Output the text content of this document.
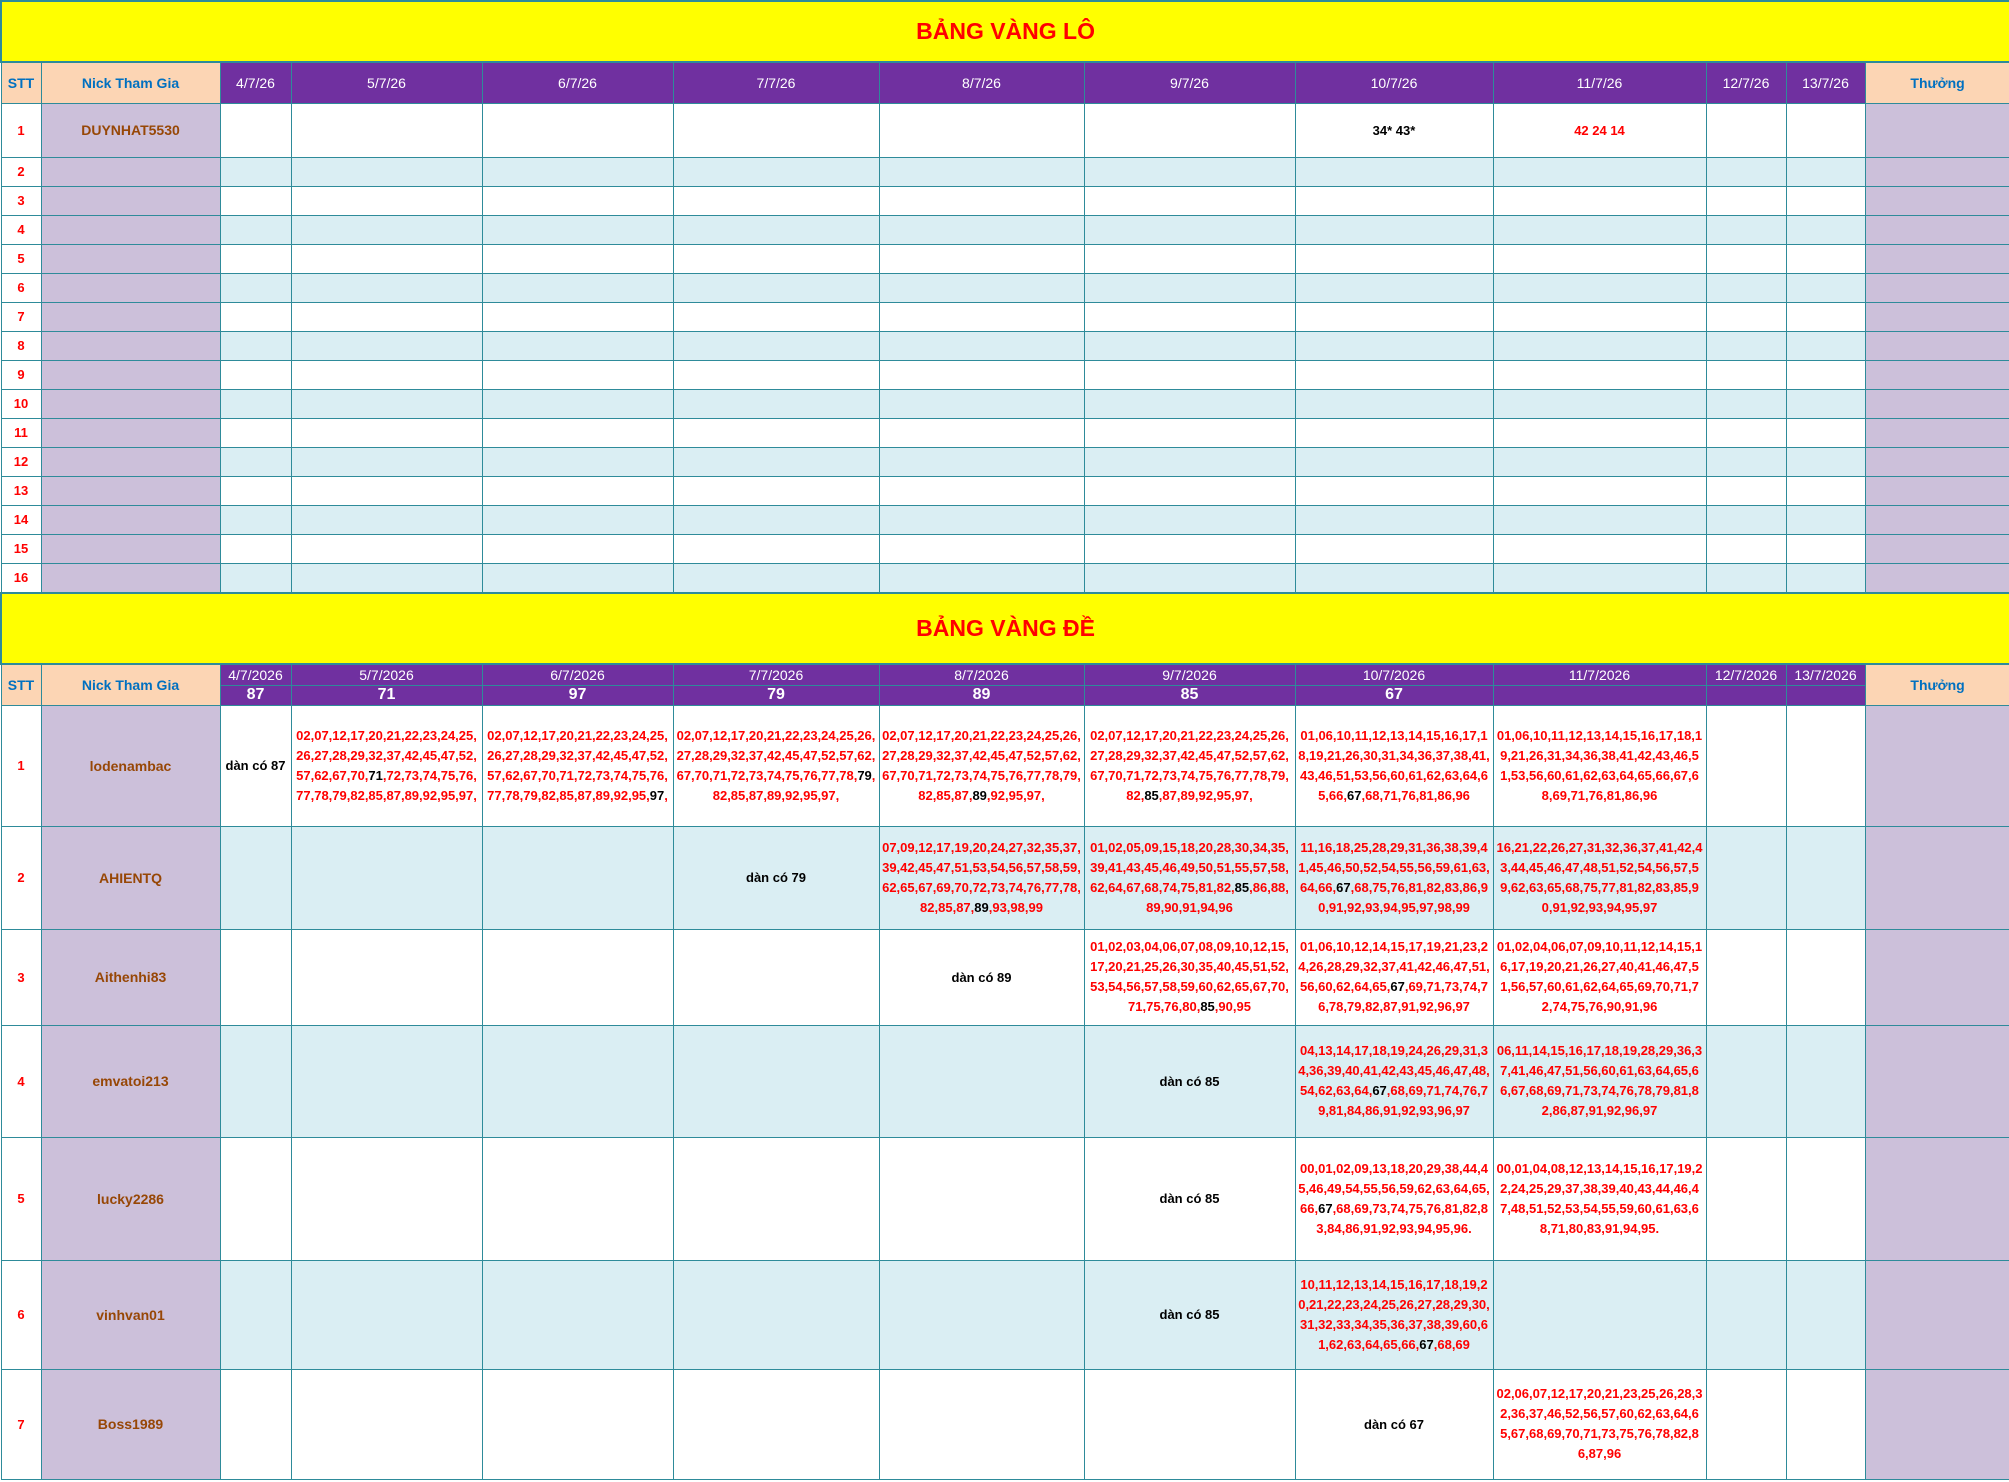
BẢNG VÀNG LÔ												
STT	Nick Tham Gia	4/7/26	5/7/26	6/7/26	7/7/26	8/7/26	9/7/26	10/7/26	11/7/26	12/7/26	13/7/26	Thưởng
1	DUYNHAT5530							34* 43*	42 24 14			
2												
3												
4												
5												
6												
7												
8												
9												
10												
11												
12												
13												
14												
15												
16												
BẢNG VÀNG ĐỀ												
STT	Nick Tham Gia	4/7/2026	5/7/2026	6/7/2026	7/7/2026	8/7/2026	9/7/2026	10/7/2026	11/7/2026	12/7/2026	13/7/2026	Thưởng
		87	71	97	79	89	85	67				
1	lodenambac	dàn có 87	02,07,12,17,20,21,22,23,24,25,26,27,28,29,32,37,42,45,47,52,57,62,67,70,71,72,73,74,75,76,77,78,79,82,85,87,89,92,95,97,	02,07,12,17,20,21,22,23,24,25,26,27,28,29,32,37,42,45,47,52,57,62,67,70,71,72,73,74,75,76,77,78,79,82,85,87,89,92,95,97,	02,07,12,17,20,21,22,23,24,25,26,27,28,29,32,37,42,45,47,52,57,62,67,70,71,72,73,74,75,76,77,78,79,82,85,87,89,92,95,97,	02,07,12,17,20,21,22,23,24,25,26,27,28,29,32,37,42,45,47,52,57,62,67,70,71,72,73,74,75,76,77,78,79,82,85,87,89,92,95,97,	02,07,12,17,20,21,22,23,24,25,26,27,28,29,32,37,42,45,47,52,57,62,67,70,71,72,73,74,75,76,77,78,79,82,85,87,89,92,95,97,	01,06,10,11,12,13,14,15,16,17,18,19,21,26,30,31,34,36,37,38,41,43,46,51,53,56,60,61,62,63,64,65,66,67,68,71,76,81,86,96	01,06,10,11,12,13,14,15,16,17,18,19,21,26,31,34,36,38,41,42,43,46,51,53,56,60,61,62,63,64,65,66,67,68,69,71,76,81,86,96			

2	AHIENTQ				dàn có 79	07,09,12,17,19,20,24,27,32,35,37,39,42,45,47,51,53,54,56,57,58,59,62,65,67,69,70,72,73,74,76,77,78,82,85,87,89,93,98,99	01,02,05,09,15,18,20,28,30,34,35,39,41,43,45,46,49,50,51,55,57,58,62,64,67,68,74,75,81,82,85,86,88,89,90,91,94,96	11,16,18,25,28,29,31,36,38,39,41,45,46,50,52,54,55,56,59,61,63,64,66,67,68,75,76,81,82,83,86,90,91,92,93,94,95,97,98,99	16,21,22,26,27,31,32,36,37,41,42,43,44,45,46,47,48,51,52,54,56,57,59,62,63,65,68,75,77,81,82,83,85,90,91,92,93,94,95,97			

3	Aithenhi83					dàn có 89	01,02,03,04,06,07,08,09,10,12,15,17,20,21,25,26,30,35,40,45,51,52,53,54,56,57,58,59,60,62,65,67,70,71,75,76,80,85,90,95	01,06,10,12,14,15,17,19,21,23,24,26,28,29,32,37,41,42,46,47,51,56,60,62,64,65,67,69,71,73,74,76,78,79,82,87,91,92,96,97	01,02,04,06,07,09,10,11,12,14,15,16,17,19,20,21,26,27,40,41,46,47,51,56,57,60,61,62,64,65,69,70,71,72,74,75,76,90,91,96			

4	emvatoi213						dàn có 85	04,13,14,17,18,19,24,26,29,31,34,36,39,40,41,42,43,45,46,47,48,54,62,63,64,67,68,69,71,74,76,79,81,84,86,91,92,93,96,97	06,11,14,15,16,17,18,19,28,29,36,37,41,46,47,51,56,60,61,63,64,65,66,67,68,69,71,73,74,76,78,79,81,82,86,87,91,92,96,97			

5	lucky2286						dàn có 85	00,01,02,09,13,18,20,29,38,44,45,46,49,54,55,56,59,62,63,64,65,66,67,68,69,73,74,75,76,81,82,83,84,86,91,92,93,94,95,96.	00,01,04,08,12,13,14,15,16,17,19,22,24,25,29,37,38,39,40,43,44,46,47,48,51,52,53,54,55,59,60,61,63,68,71,80,83,91,94,95.			

6	vinhvan01						dàn có 85	10,11,12,13,14,15,16,17,18,19,20,21,22,23,24,25,26,27,28,29,30,31,32,33,34,35,36,37,38,39,60,61,62,63,64,65,66,67,68,69				

7	Boss1989							dàn có 67	02,06,07,12,17,20,21,23,25,26,28,32,36,37,46,52,56,57,60,62,63,64,65,67,68,69,70,71,73,75,76,78,82,86,87,96			
